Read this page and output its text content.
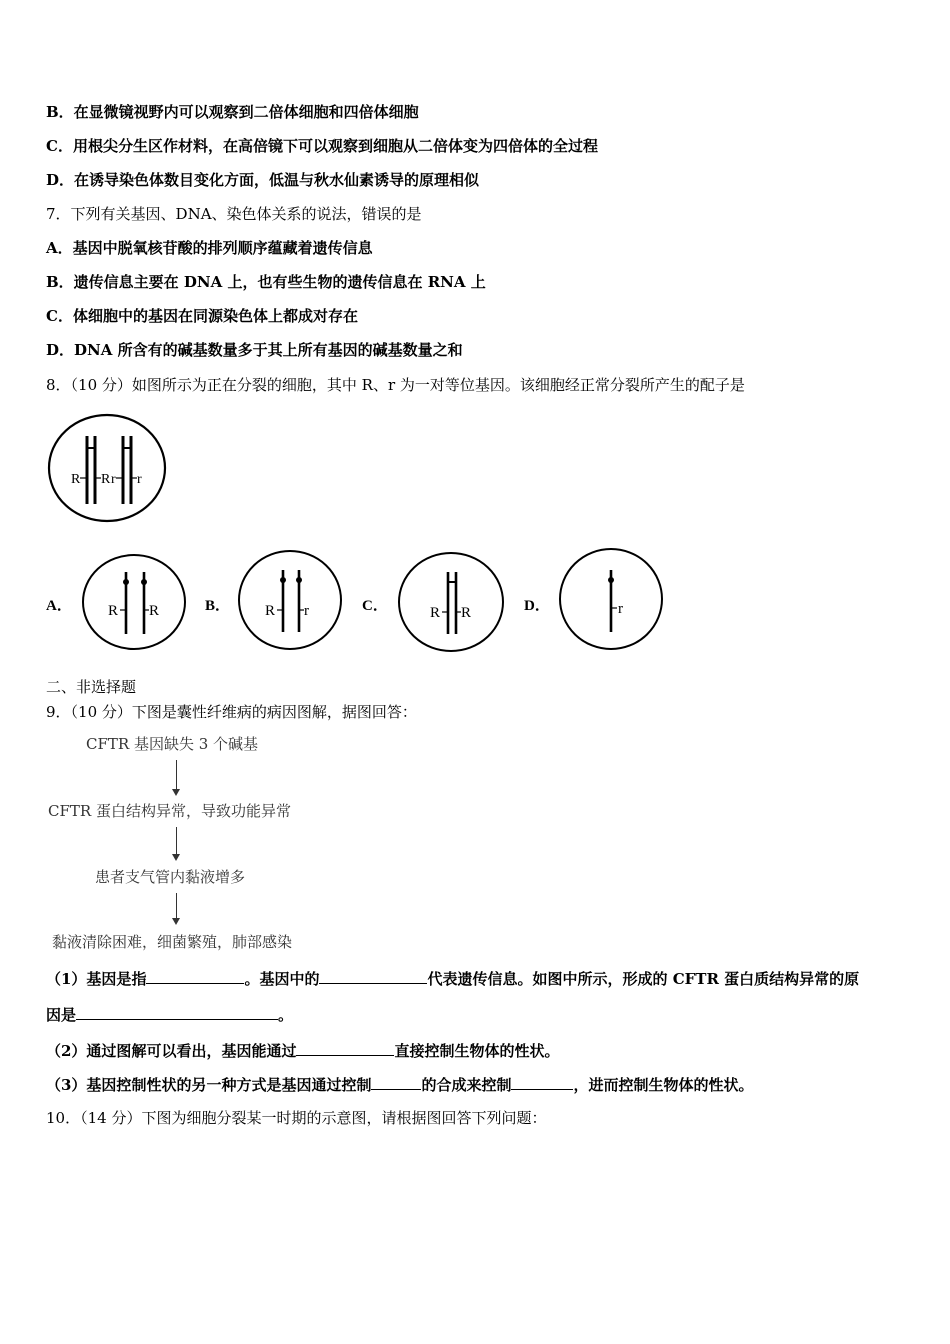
B．在显微镜视野内可以观察到二倍体细胞和四倍体细胞
C．用根尖分生区作材料，在高倍镜下可以观察到细胞从二倍体变为四倍体的全过程
D．在诱导染色体数目变化方面，低温与秋水仙素诱导的原理相似
7．下列有关基因、DNA、染色体关系的说法，错误的是
A．基因中脱氧核苷酸的排列顺序蕴藏着遗传信息
B．遗传信息主要在 DNA 上，也有些生物的遗传信息在 RNA 上
C．体细胞中的基因在同源染色体上都成对存在
D．DNA 所含有的碱基数量多于其上所有基因的碱基数量之和
8．（10 分）如图所示为正在分裂的细胞，其中 R、r 为一对等位基因。该细胞经正常分裂所产生的配子是
R R r r
A． R R	B． R r	C．	R R	D．	r
二、非选择题
9．（10 分）下图是囊性纤维病的病因图解，据图回答：
CFTR 基因缺失 3 个碱基
CFTR 蛋白结构异常，导致功能异常
患者支气管内黏液增多
黏液清除困难，细菌繁殖，肺部感染
（1）基因是指	。基因中的	代表遗传信息。如图中所示，形成的 CFTR 蛋白质结构异常的原
因是	。
（2）通过图解可以看出，基因能通过	直接控制生物体的性状。
（3）基因控制性状的另一种方式是基因通过控制	的合成来控制	，进而控制生物体的性状。
10．（14 分）下图为细胞分裂某一时期的示意图，请根据图回答下列问题：
